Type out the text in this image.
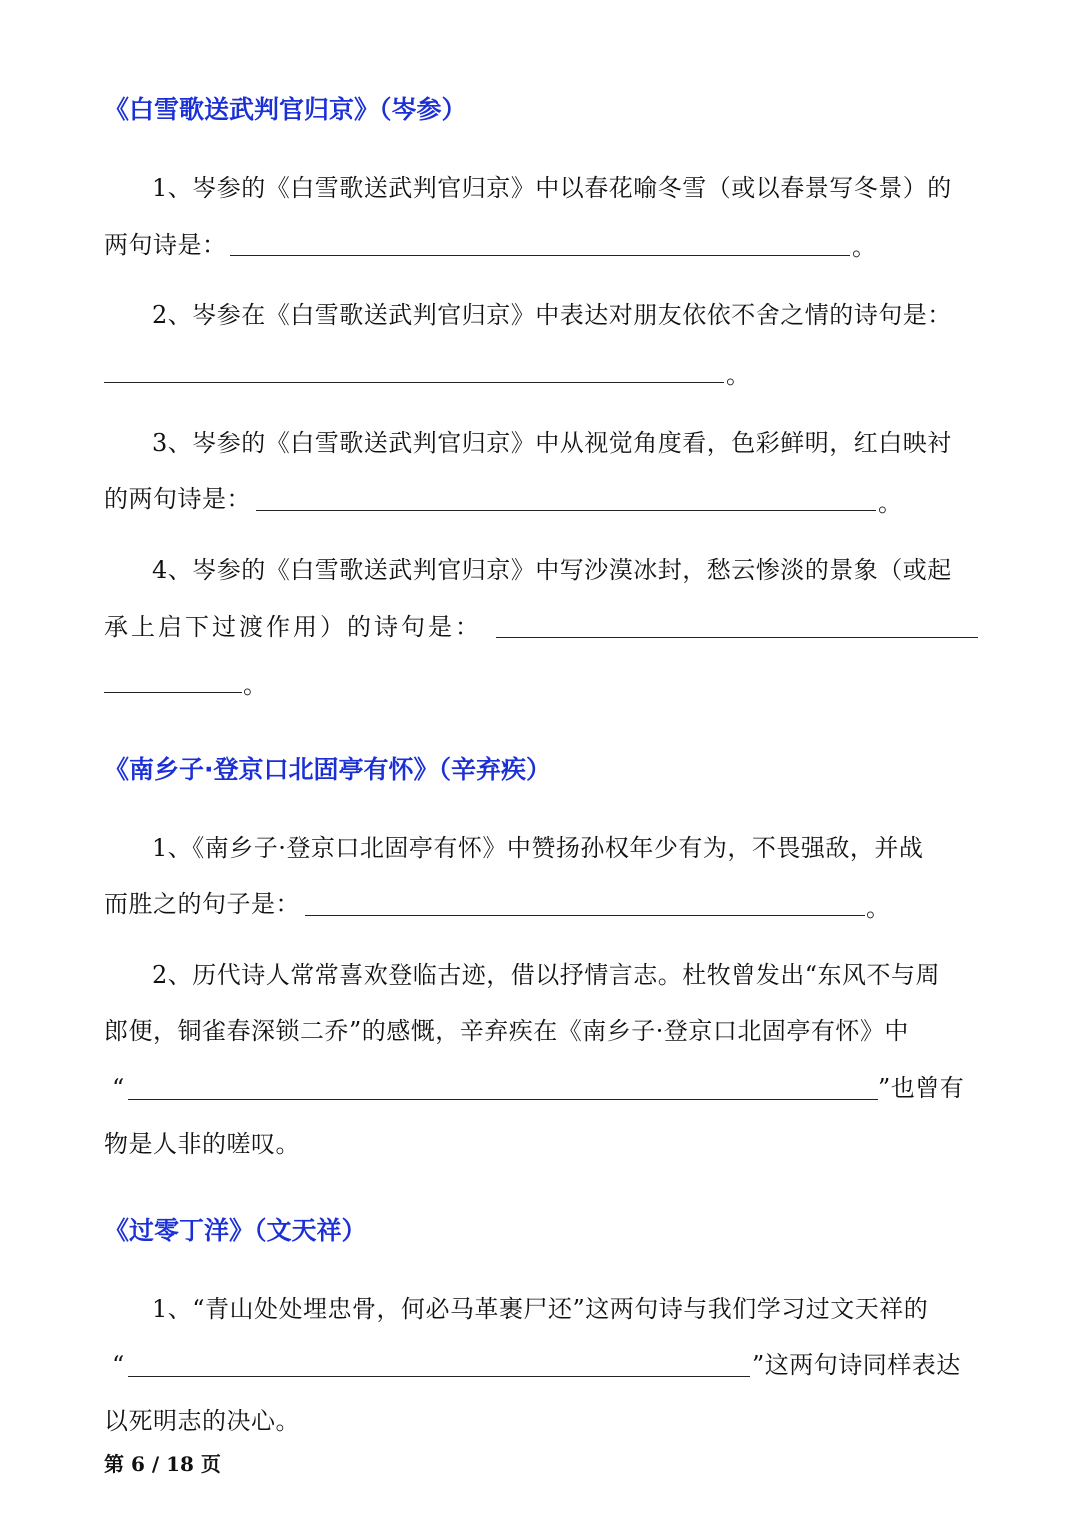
《白雪歌送武判官归京》（岑参）
1、岑参的《白雪歌送武判官归京》中以春花喻冬雪（或以春景写冬景）的
两句诗是：	。
2、岑参在《白雪歌送武判官归京》中表达对朋友依依不舍之情的诗句是：
。
3、岑参的《白雪歌送武判官归京》中从视觉角度看，色彩鲜明，红白映衬
的两句诗是：	。
4、岑参的《白雪歌送武判官归京》中写沙漠冰封，愁云惨淡的景象（或起
承上启下过渡作用）的诗句是：
。
《南乡子·登京口北固亭有怀》（辛弃疾）
1、《南乡子·登京口北固亭有怀》中赞扬孙权年少有为，不畏强敌，并战
而胜之的句子是：	。
2、历代诗人常常喜欢登临古迹，借以抒情言志。杜牧曾发出“东风不与周
郎便，铜雀春深锁二乔”的感慨，辛弃疾在《南乡子·登京口北固亭有怀》中
“	”也曾有
物是人非的嗟叹。
《过零丁洋》（文天祥）
1、“青山处处埋忠骨，何必马革裹尸还”这两句诗与我们学习过文天祥的
“	”这两句诗同样表达
以死明志的决心。
第 6 / 18 页
